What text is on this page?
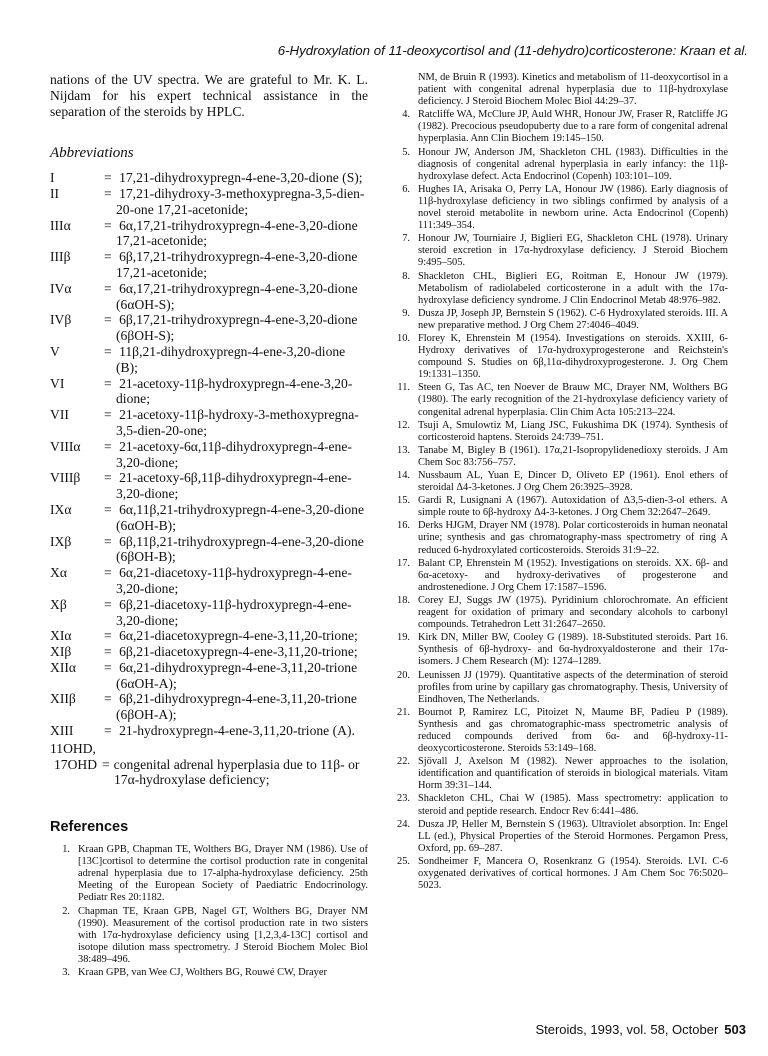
6-Hydroxylation of 11-deoxycortisol and (11-dehydro)corticosterone: Kraan et al.

nations of the UV spectra. We are grateful to Mr. K. L. Nijdam for his expert technical assistance in the separation of the steroids by HPLC.

Abbreviations
I	= 17,21-dihydroxypregn-4-ene-3,20-dione (S);
II	= 17,21-dihydroxy-3-methoxypregna-3,5-dien-20-one 17,21-acetonide;
IIIα	= 6α,17,21-trihydroxypregn-4-ene-3,20-dione 17,21-acetonide;
IIIβ	= 6β,17,21-trihydroxypregn-4-ene-3,20-dione 17,21-acetonide;
IVα	= 6α,17,21-trihydroxypregn-4-ene-3,20-dione (6αOH-S);
IVβ	= 6β,17,21-trihydroxypregn-4-ene-3,20-dione (6βOH-S);
V	= 11β,21-dihydroxypregn-4-ene-3,20-dione (B);
VI	= 21-acetoxy-11β-hydroxypregn-4-ene-3,20-dione;
VII	= 21-acetoxy-11β-hydroxy-3-methoxypregna-3,5-dien-20-one;
VIIIα	= 21-acetoxy-6α,11β-dihydroxypregn-4-ene-3,20-dione;
VIIIβ	= 21-acetoxy-6β,11β-dihydroxypregn-4-ene-3,20-dione;
IXα	= 6α,11β,21-trihydroxypregn-4-ene-3,20-dione (6αOH-B);
IXβ	= 6β,11β,21-trihydroxypregn-4-ene-3,20-dione (6βOH-B);
Xα	= 6α,21-diacetoxy-11β-hydroxypregn-4-ene-3,20-dione;
Xβ	= 6β,21-diacetoxy-11β-hydroxypregn-4-ene-3,20-dione;
XIα	= 6α,21-diacetoxypregn-4-ene-3,11,20-trione;
XIβ	= 6β,21-diacetoxypregn-4-ene-3,11,20-trione;
XIIα	= 6α,21-dihydroxypregn-4-ene-3,11,20-trione (6αOH-A);
XIIβ	= 6β,21-dihydroxypregn-4-ene-3,11,20-trione (6βOH-A);
XIII	= 21-hydroxypregn-4-ene-3,11,20-trione (A).
11OHD,
17OHD = congenital adrenal hyperplasia due to 11β- or 17α-hydroxylase deficiency;
References
1. Kraan GPB, Chapman TE, Wolthers BG, Drayer NM (1986). Use of [13C]cortisol to determine the cortisol production rate in congenital adrenal hyperplasia due to 17-alpha-hydroxylase deficiency. 25th Meeting of the European Society of Paediatric Endocrinology. Pediatr Res 20:1182.
2. Chapman TE, Kraan GPB, Nagel GT, Wolthers BG, Drayer NM (1990). Measurement of the cortisol production rate in two sisters with 17α-hydroxylase deficiency using [1,2,3,4-13C] cortisol and isotope dilution mass spectrometry. J Steroid Biochem Molec Biol 38:489–496.
3. Kraan GPB, van Wee CJ, Wolthers BG, Rouwé CW, Drayer
NM, de Bruin R (1993). Kinetics and metabolism of 11-deoxycortisol in a patient with congenital adrenal hyperplasia due to 11β-hydroxylase deficiency. J Steroid Biochem Molec Biol 44:29–37.
4. Ratcliffe WA, McClure JP, Auld WHR, Honour JW, Fraser R, Ratcliffe JG (1982). Precocious pseudopuberty due to a rare form of congenital adrenal hyperplasia. Ann Clin Biochem 19:145–150.
5. Honour JW, Anderson JM, Shackleton CHL (1983). Difficulties in the diagnosis of congenital adrenal hyperplasia in early infancy: the 11β-hydroxylase defect. Acta Endocrinol (Copenh) 103:101–109.
6. Hughes IA, Arisaka O, Perry LA, Honour JW (1986). Early diagnosis of 11β-hydroxylase deficiency in two siblings confirmed by analysis of a novel steroid metabolite in newborn urine. Acta Endocrinol (Copenh) 111:349–354.
7. Honour JW, Tourniaire J, Biglieri EG, Shackleton CHL (1978). Urinary steroid excretion in 17α-hydroxylase deficiency. J Steroid Biochem 9:495–505.
8. Shackleton CHL, Biglieri EG, Roitman E, Honour JW (1979). Metabolism of radiolabeled corticosterone in a adult with the 17α-hydroxylase deficiency syndrome. J Clin Endocrinol Metab 48:976–982.
9. Dusza JP, Joseph JP, Bernstein S (1962). C-6 Hydroxylated steroids. III. A new preparative method. J Org Chem 27:4046–4049.
10. Florey K, Ehrenstein M (1954). Investigations on steroids. XXIII, 6-Hydroxy derivatives of 17α-hydroxyprogesterone and Reichstein's compound S. Studies on 6β,11α-dihydroxyprogesterone. J. Org Chem 19:1331–1350.
11. Steen G, Tas AC, ten Noever de Brauw MC, Drayer NM, Wolthers BG (1980). The early recognition of the 21-hydroxylase deficiency variety of congenital adrenal hyperplasia. Clin Chim Acta 105:213–224.
12. Tsuji A, Smulowtiz M, Liang JSC, Fukushima DK (1974). Synthesis of corticosteroid haptens. Steroids 24:739–751.
13. Tanabe M, Bigley B (1961). 17α,21-Isopropylidenedioxy steroids. J Am Chem Soc 83:756–757.
14. Nussbaum AL, Yuan E, Dincer D, Oliveto EP (1961). Enol ethers of steroidal Δ4-3-ketones. J Org Chem 26:3925–3928.
15. Gardi R, Lusignani A (1967). Autoxidation of Δ3,5-dien-3-ol ethers. A simple route to 6β-hydroxy Δ4-3-ketones. J Org Chem 32:2647–2649.
16. Derks HJGM, Drayer NM (1978). Polar corticosteroids in human neonatal urine; synthesis and gas chromatography-mass spectrometry of ring A reduced 6-hydroxylated corticosteroids. Steroids 31:9–22.
17. Balant CP, Ehrenstein M (1952). Investigations on steroids. XX. 6β- and 6α-acetoxy- and hydroxy-derivatives of progesterone and androstenedione. J Org Chem 17:1587–1596.
18. Corey EJ, Suggs JW (1975). Pyridinium chlorochromate. An efficient reagent for oxidation of primary and secondary alcohols to carbonyl compounds. Tetrahedron Lett 31:2647–2650.
19. Kirk DN, Miller BW, Cooley G (1989). 18-Substituted steroids. Part 16. Synthesis of 6β-hydroxy- and 6α-hydroxyaldosterone and their 17α-isomers. J Chem Research (M): 1274–1289.
20. Leunissen JJ (1979). Quantitative aspects of the determination of steroid profiles from urine by capillary gas chromatography. Thesis, University of Eindhoven, The Netherlands.
21. Bournot P, Ramirez LC, Pitoizet N, Maume BF, Padieu P (1989). Synthesis and gas chromatographic-mass spectrometric analysis of reduced compounds derived from 6α- and 6β-hydroxy-11-deoxycorticosterone. Steroids 53:149–168.
22. Sjövall J, Axelson M (1982). Newer approaches to the isolation, identification and quantification of steroids in biological materials. Vitam Horm 39:31–144.
23. Shackleton CHL, Chai W (1985). Mass spectrometry: application to steroid and peptide research. Endocr Rev 6:441–486.
24. Dusza JP, Heller M, Bernstein S (1963). Ultraviolet absorption. In: Engel LL (ed.), Physical Properties of the Steroid Hormones. Pergamon Press, Oxford, pp. 69–287.
25. Sondheimer F, Mancera O, Rosenkranz G (1954). Steroids. LVI. C-6 oxygenated derivatives of cortical hormones. J Am Chem Soc 76:5020–5023.
Steroids, 1993, vol. 58, October 503
